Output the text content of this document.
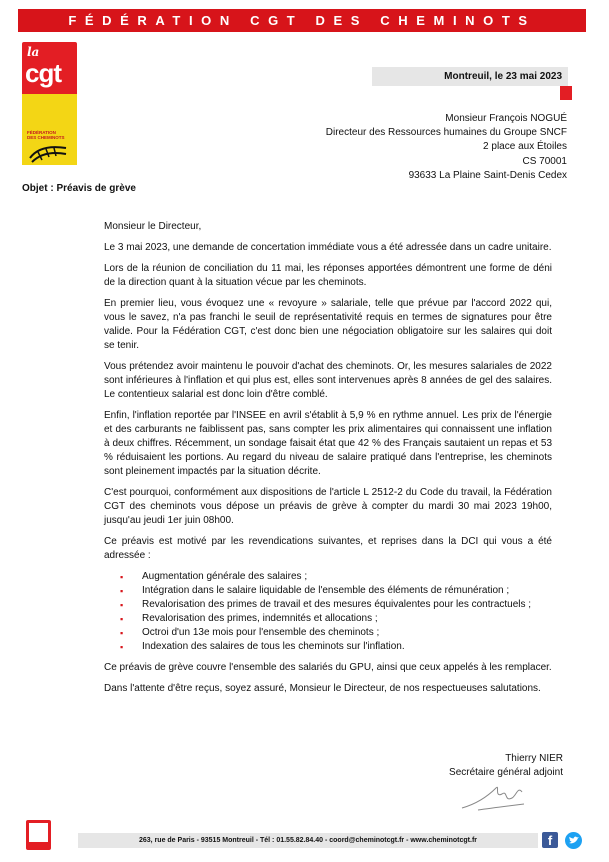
FÉDÉRATION CGT DES CHEMINOTS
la
cgt
FÉDÉRATION
DES CHEMINOTS
Montreuil, le 23 mai 2023
Monsieur François NOGUÉ
Directeur des Ressources humaines du Groupe SNCF
2 place aux Étoiles
CS 70001
93633 La Plaine Saint-Denis Cedex
Objet : Préavis de grève

Monsieur le Directeur,

Le 3 mai 2023, une demande de concertation immédiate vous a été adressée dans un cadre unitaire.

Lors de la réunion de conciliation du 11 mai, les réponses apportées démontrent une forme de déni de la direction quant à la situation vécue par les cheminots.

En premier lieu, vous évoquez une « revoyure » salariale, telle que prévue par l'accord 2022 qui, vous le savez, n'a pas franchi le seuil de représentativité requis en termes de signatures pour être valide. Pour la Fédération CGT, c'est donc bien une négociation obligatoire sur les salaires qui doit se tenir.

Vous prétendez avoir maintenu le pouvoir d'achat des cheminots. Or, les mesures salariales de 2022 sont inférieures à l'inflation et qui plus est, elles sont intervenues après 8 années de gel des salaires. Le contentieux salarial est donc loin d'être comblé.

Enfin, l'inflation reportée par l'INSEE en avril s'établit à 5,9 % en rythme annuel. Les prix de l'énergie et des carburants ne faiblissent pas, sans compter les prix alimentaires qui connaissent une inflation à deux chiffres. Récemment, un sondage faisait état que 42 % des Français sautaient un repas et 53 % réduisaient les portions. Au regard du niveau de salaire pratiqué dans l'entreprise, les cheminots sont pleinement impactés par la situation décrite.

C'est pourquoi, conformément aux dispositions de l'article L 2512-2 du Code du travail, la Fédération CGT des cheminots vous dépose un préavis de grève à compter du mardi 30 mai 2023 19h00, jusqu'au jeudi 1er juin 08h00.

Ce préavis est motivé par les revendications suivantes, et reprises dans la DCI qui vous a été adressée :

▪ Augmentation générale des salaires ;
▪ Intégration dans le salaire liquidable de l'ensemble des éléments de rémunération ;
▪ Revalorisation des primes de travail et des mesures équivalentes pour les contractuels ;
▪ Revalorisation des primes, indemnités et allocations ;
▪ Octroi d'un 13e mois pour l'ensemble des cheminots ;
▪ Indexation des salaires de tous les cheminots sur l'inflation.

Ce préavis de grève couvre l'ensemble des salariés du GPU, ainsi que ceux appelés à les remplacer.

Dans l'attente d'être reçus, soyez assuré, Monsieur le Directeur, de nos respectueuses salutations.

Thierry NIER
Secrétaire général adjoint
263, rue de Paris - 93515 Montreuil - Tél : 01.55.82.84.40 - coord@cheminotcgt.fr - www.cheminotcgt.fr	f
